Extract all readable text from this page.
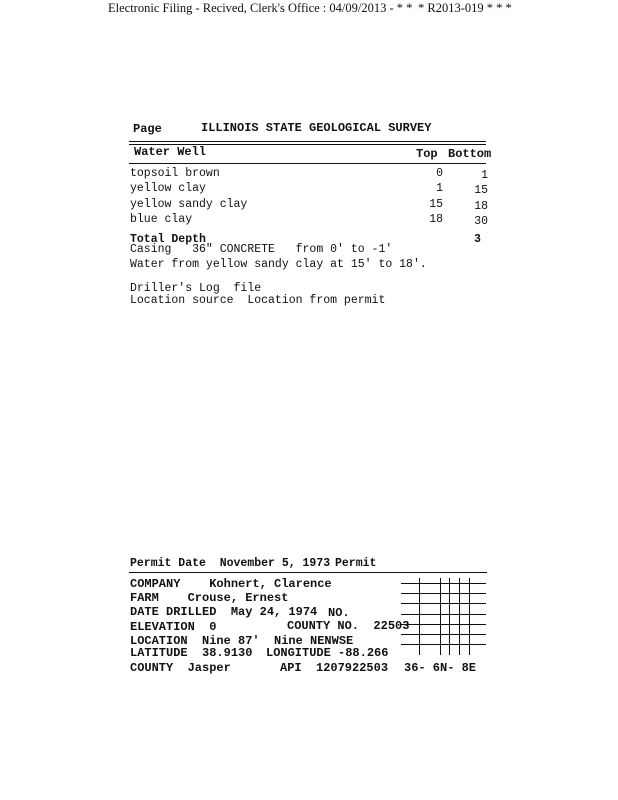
Electronic Filing - Recived, Clerk's Office : 04/09/2013 - * * * R2013-019 * * *
Page	ILLINOIS STATE GEOLOGICAL SURVEY
Water Well	Top Bottom
topsoil brown	0	1
yellow clay	1	15
yellow sandy clay	15	18
blue clay	18	30
Total Depth	3
Casing   36" CONCRETE   from 0' to -1'
Water from yellow sandy clay at 15' to 18'.
Driller's Log  file
Location source  Location from permit
Permit Date  November 5, 1973 Permit
COMPANY    Kohnert, Clarence
FARM    Crouse, Ernest
DATE DRILLED  May 24, 1974 NO.
ELEVATION  0	COUNTY NO.  22503
LOCATION  Nine 87'  Nine NENWSE
LATITUDE  38.9130 LONGITUDE -88.266
COUNTY  Jasper	API  1207922503 36- 6N- 8E
